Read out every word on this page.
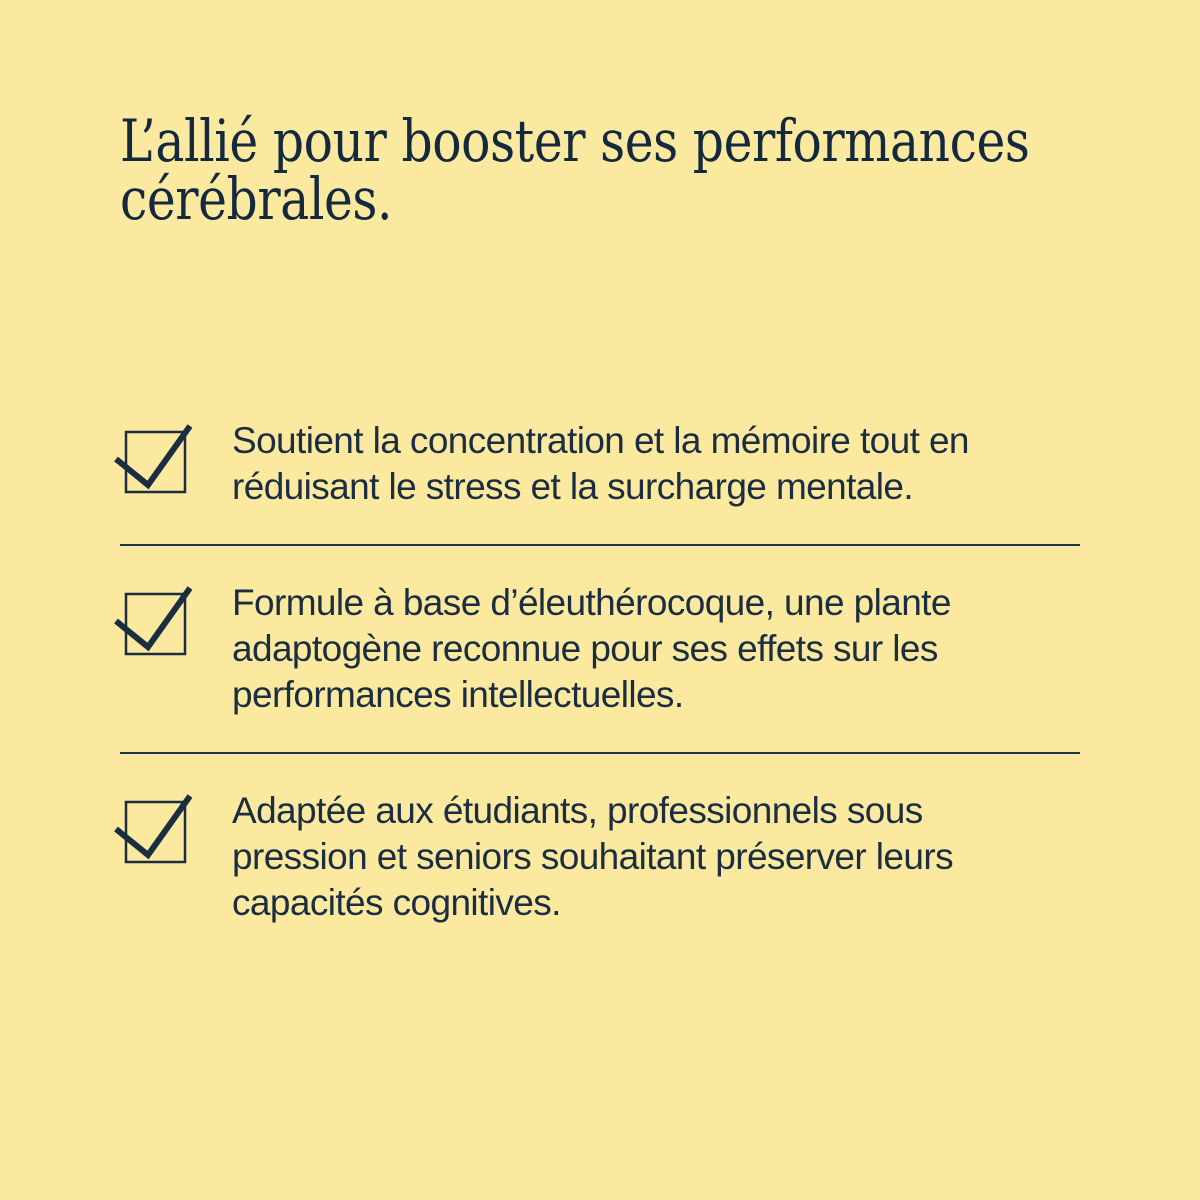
L’allié pour booster ses performances
cérébrales.
Soutient la concentration et la mémoire tout en
réduisant le stress et la surcharge mentale.
Formule à base d’éleuthérocoque, une plante
adaptogène reconnue pour ses effets sur les
performances intellectuelles.
Adaptée aux étudiants, professionnels sous
pression et seniors souhaitant préserver leurs
capacités cognitives.
